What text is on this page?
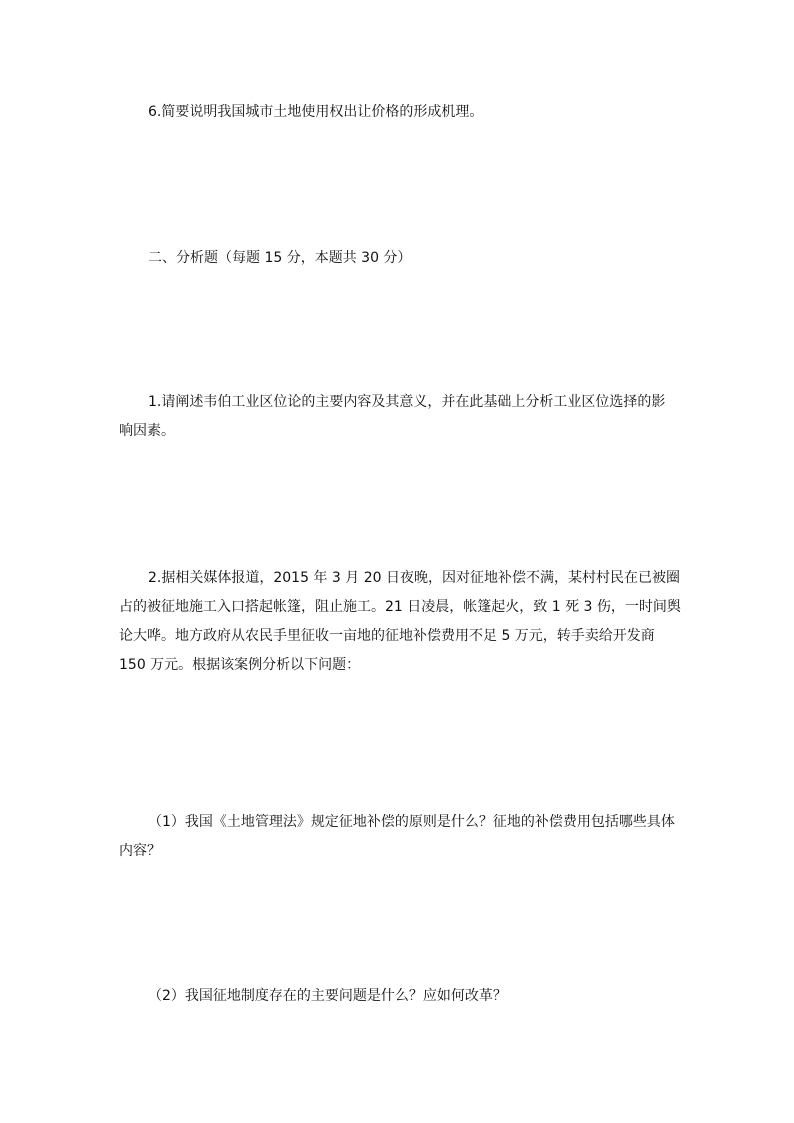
6.简要说明我国城市土地使用权出让价格的形成机理。

二、分析题（每题 15 分，本题共 30 分）

1.请阐述韦伯工业区位论的主要内容及其意义，并在此基础上分析工业区位选择的影
响因素。

2.据相关媒体报道，2015 年 3 月 20 日夜晚，因对征地补偿不满，某村村民在已被圈
占的被征地施工入口搭起帐篷，阻止施工。21 日凌晨，帐篷起火，致 1 死 3 伤，一时间舆
论大哗。地方政府从农民手里征收一亩地的征地补偿费用不足 5 万元，转手卖给开发商
150 万元。根据该案例分析以下问题：

（1）我国《土地管理法》规定征地补偿的原则是什么？征地的补偿费用包括哪些具体
内容？

（2）我国征地制度存在的主要问题是什么？应如何改革？
